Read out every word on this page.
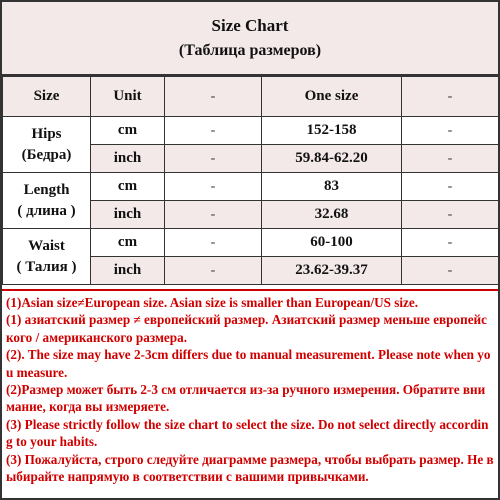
Size Chart
(Таблица размеров)
Size	Unit	-	One size	-

Hips
(Бедра)	cm	-	152-158	-
	inch	-	59.84-62.20	-

Length
( длина )	cm	-	83	-
	inch	-	32.68	-

Waist
( Талия )	cm	-	60-100	-
	inch	-	23.62-39.37	-

(1)Asian size≠European size. Asian size is smaller than European/US size.

(1) азиатский размер ≠ европейский размер. Азиатский размер меньше европейского / американского размера.

(2). The size may have 2-3cm differs due to manual measurement. Please note when you measure.

(2)Размер может быть 2-3 см отличается из-за ручного измерения. Обратите внимание, когда вы измеряете.

(3) Please strictly follow the size chart to select the size. Do not select directly according to your habits.

(3) Пожалуйста, строго следуйте диаграмме размера, чтобы выбрать размер. Не выбирайте напрямую в соответствии с вашими привычками.
